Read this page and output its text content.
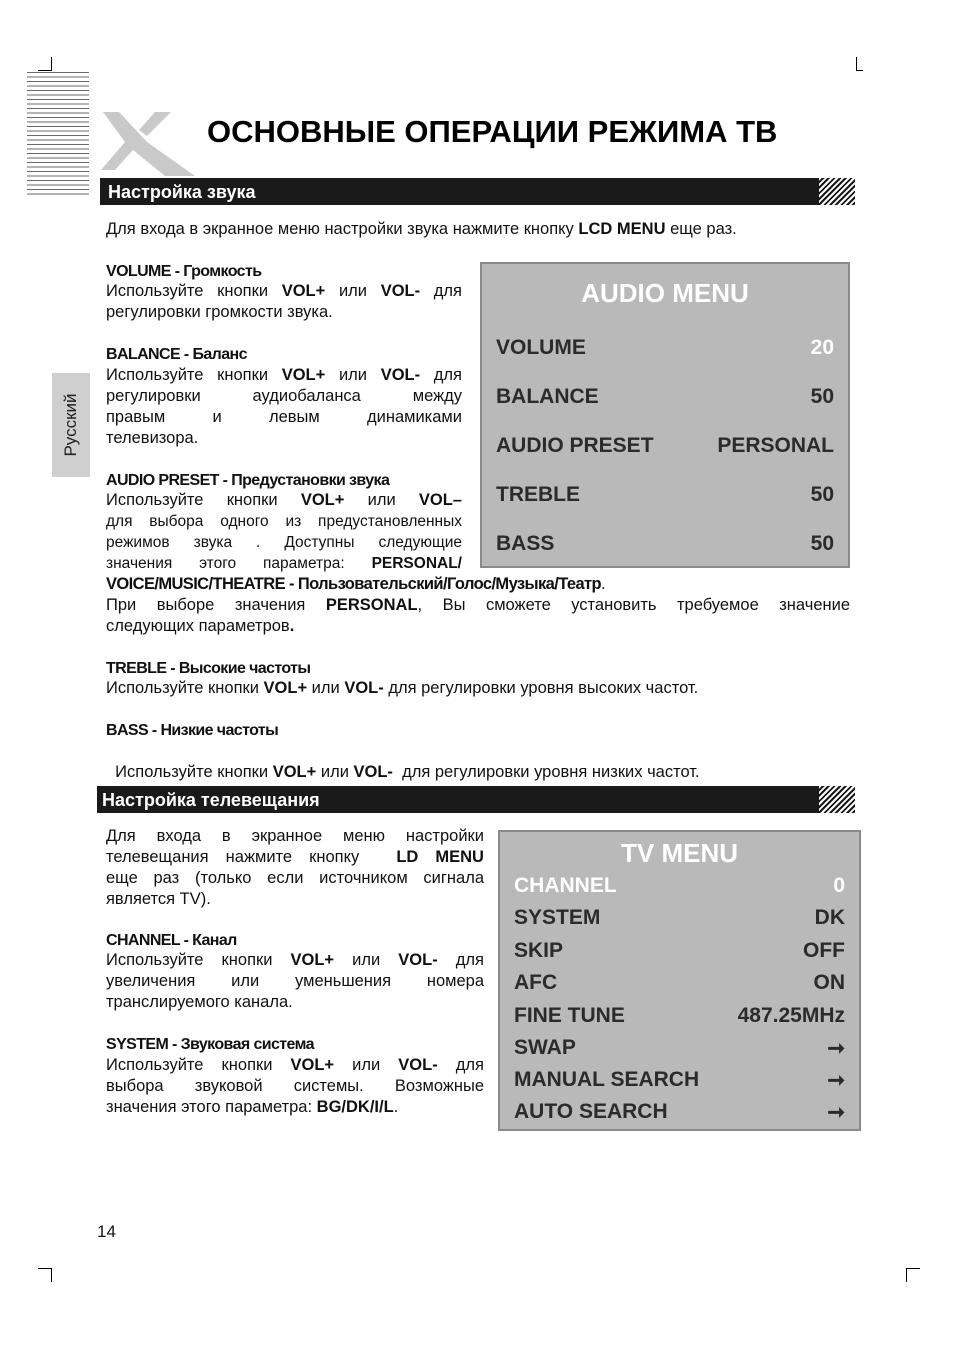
ОСНОВНЫЕ ОПЕРАЦИИ РЕЖИМА ТВ
Русский
Настройка звука

Для входа в экранное меню настройки звука нажмите кнопку LCD MENU еще раз.

VOLUME - Громкость
Используйте кнопки VOL+ или VOL- для
регулировки громкости звука.
BALANCE - Баланс
Используйте кнопки VOL+ или VOL- для
регулировки аудиобаланса между
правым и левым динамиками
телевизора.
AUDIO PRESET - Предустановки звука
Используйте кнопки VOL+ или VOL–
для выбора одного из предустановленных
режимов звука . Доступны следующие
значения этого параметра: PERSONAL/
VOICE/MUSIC/THEATRE - Пользовательский/Голос/Музыка/Театр.
При выборе значения PERSONAL, Вы сможете установить требуемое значение
следующих параметров.
TREBLE - Высокие частоты
Используйте кнопки VOL+ или VOL- для регулировки уровня высоких частот.
BASS - Низкие частоты

Используйте кнопки VOL+ или VOL-  для регулировки уровня низких частот.

AUDIO MENU
VOLUME	20
BALANCE	50
AUDIO PRESET	PERSONAL
TREBLE	50
BASS	50
Настройка телевещания
Для входа в экранное меню настройки
телевещания нажмите кнопку LD MENU
еще раз (только если источником сигнала
является TV).
CHANNEL - Канал
Используйте кнопки VOL+ или VOL- для
увеличения или уменьшения номера
транслируемого канала.
SYSTEM - Звуковая система
Используйте кнопки VOL+ или VOL- для
выбора звуковой системы. Возможные
значения этого параметра: BG/DK/I/L.
TV MENU
CHANNEL	0
SYSTEM	DK
SKIP	OFF
AFC	ON
FINE TUNE	487.25MHz
SWAP	➞
MANUAL SEARCH	➞
AUTO SEARCH	➞
14
